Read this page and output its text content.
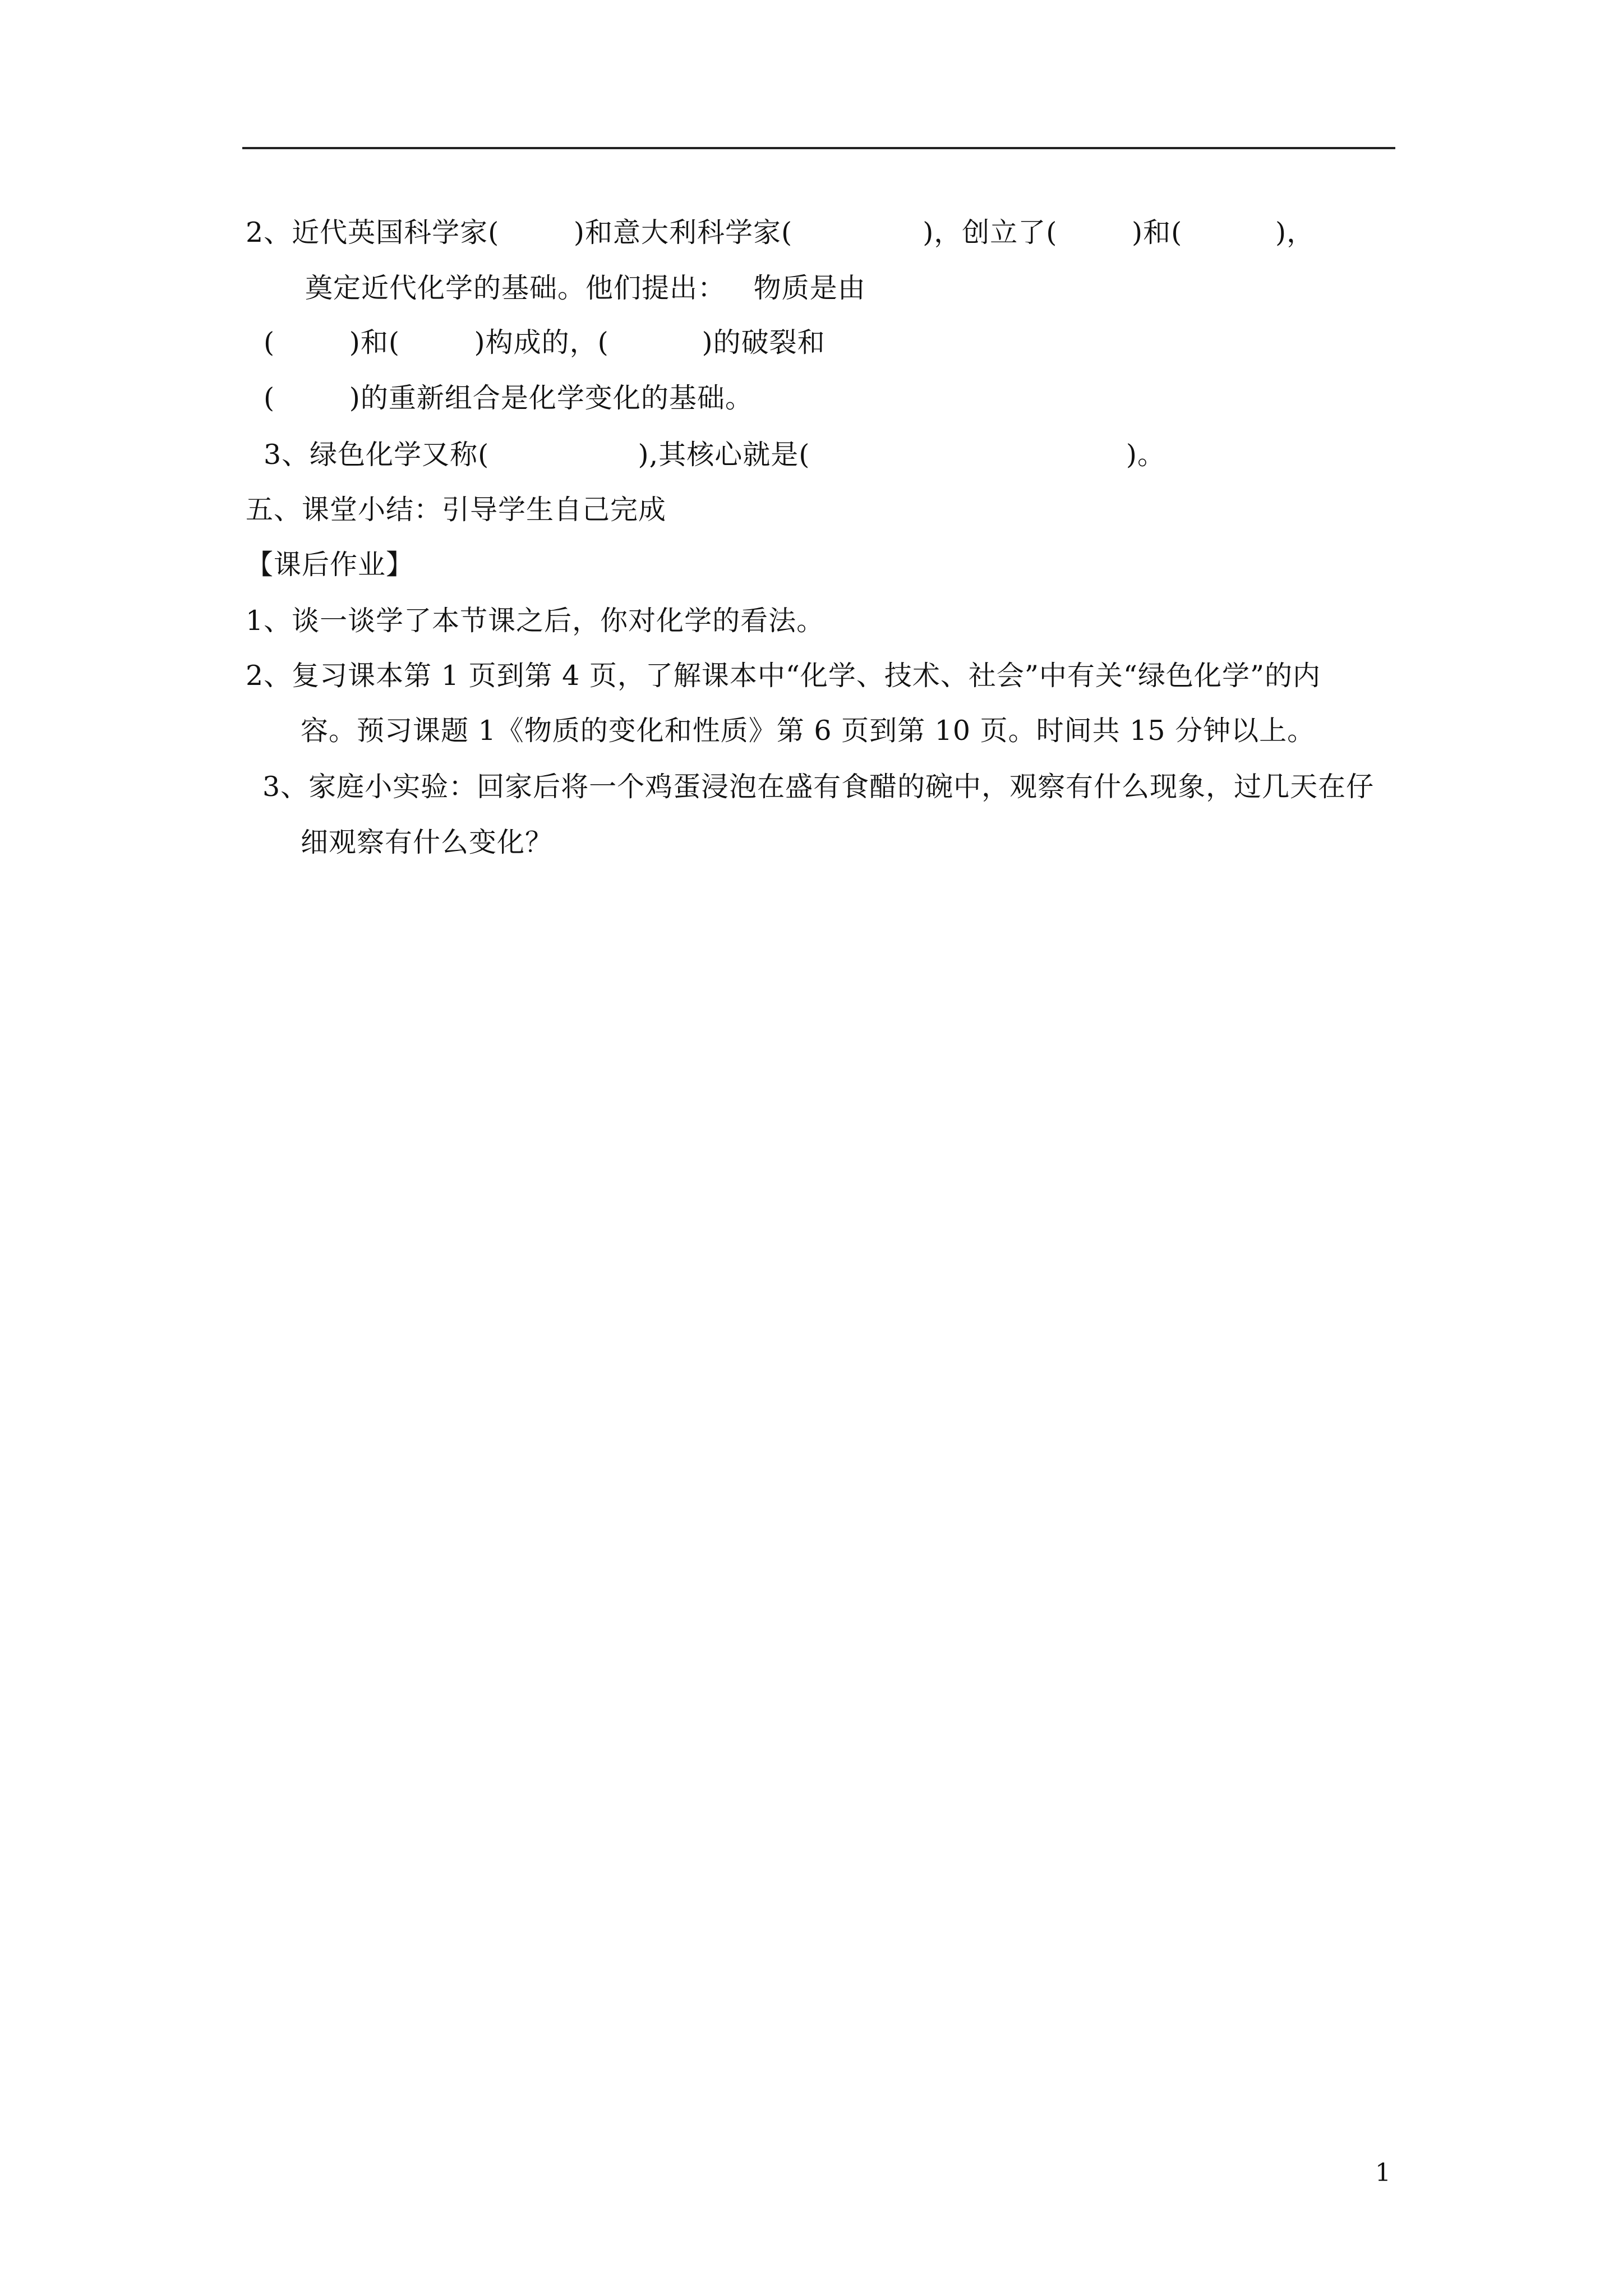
2、近代英国科学家(        )和意大利科学家(              )，创立了(        )和(          )，
奠定近代化学的基础。他们提出：   物质是由
(        )和(        )构成的，(          )的破裂和
(        )的重新组合是化学变化的基础。
3、绿色化学又称(                ),其核心就是(                                  )。
五、课堂小结：引导学生自己完成
【课后作业】
1、谈一谈学了本节课之后，你对化学的看法。
2、复习课本第 1 页到第 4 页，了解课本中“化学、技术、社会”中有关“绿色化学”的内
容。预习课题 1《物质的变化和性质》第 6 页到第 10 页。时间共 15 分钟以上。
3、家庭小实验：回家后将一个鸡蛋浸泡在盛有食醋的碗中，观察有什么现象，过几天在仔
细观察有什么变化？
1
